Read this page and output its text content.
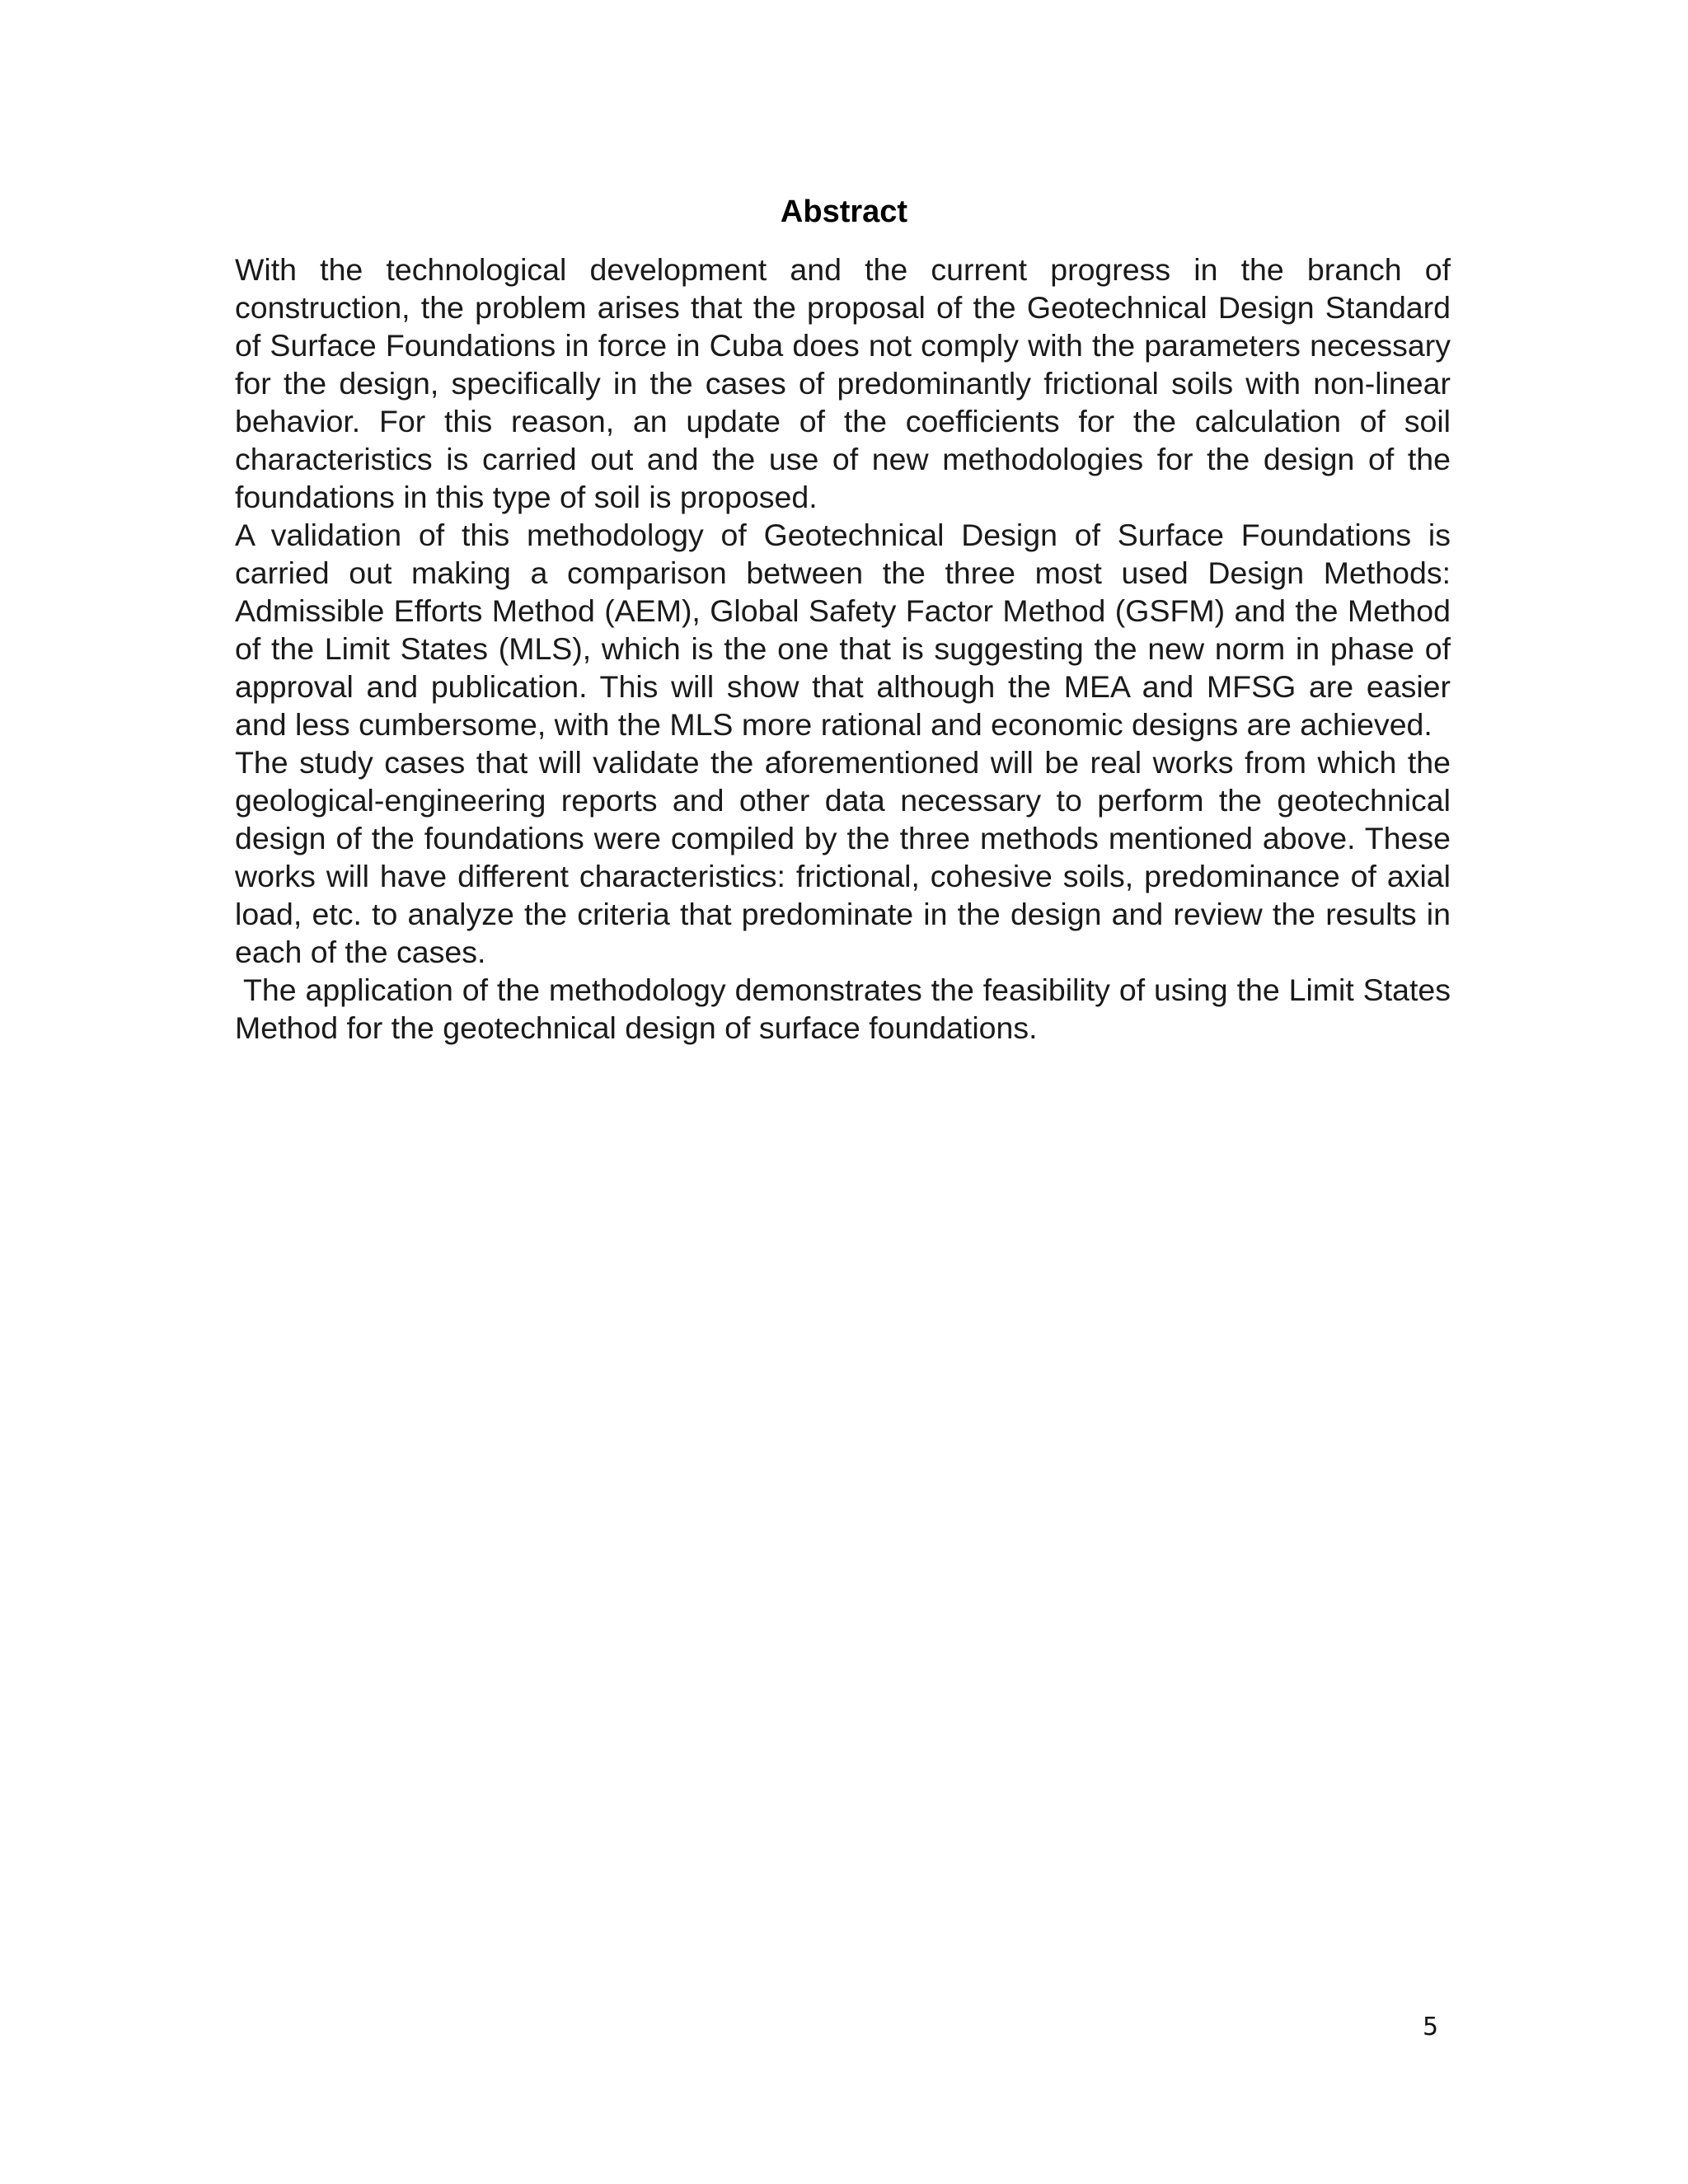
Abstract

With the technological development and the current progress in the branch of construction, the problem arises that the proposal of the Geotechnical Design Standard of Surface Foundations in force in Cuba does not comply with the parameters necessary for the design, specifically in the cases of predominantly frictional soils with non-linear behavior. For this reason, an update of the coefficients for the calculation of soil characteristics is carried out and the use of new methodologies for the design of the foundations in this type of soil is proposed.

A validation of this methodology of Geotechnical Design of Surface Foundations is carried out making a comparison between the three most used Design Methods: Admissible Efforts Method (AEM), Global Safety Factor Method (GSFM) and the Method of the Limit States (MLS), which is the one that is suggesting the new norm in phase of approval and publication. This will show that although the MEA and MFSG are easier and less cumbersome, with the MLS more rational and economic designs are achieved.

The study cases that will validate the aforementioned will be real works from which the geological-engineering reports and other data necessary to perform the geotechnical design of the foundations were compiled by the three methods mentioned above. These works will have different characteristics: frictional, cohesive soils, predominance of axial load, etc. to analyze the criteria that predominate in the design and review the results in each of the cases.

The application of the methodology demonstrates the feasibility of using the Limit States Method for the geotechnical design of surface foundations.

5
